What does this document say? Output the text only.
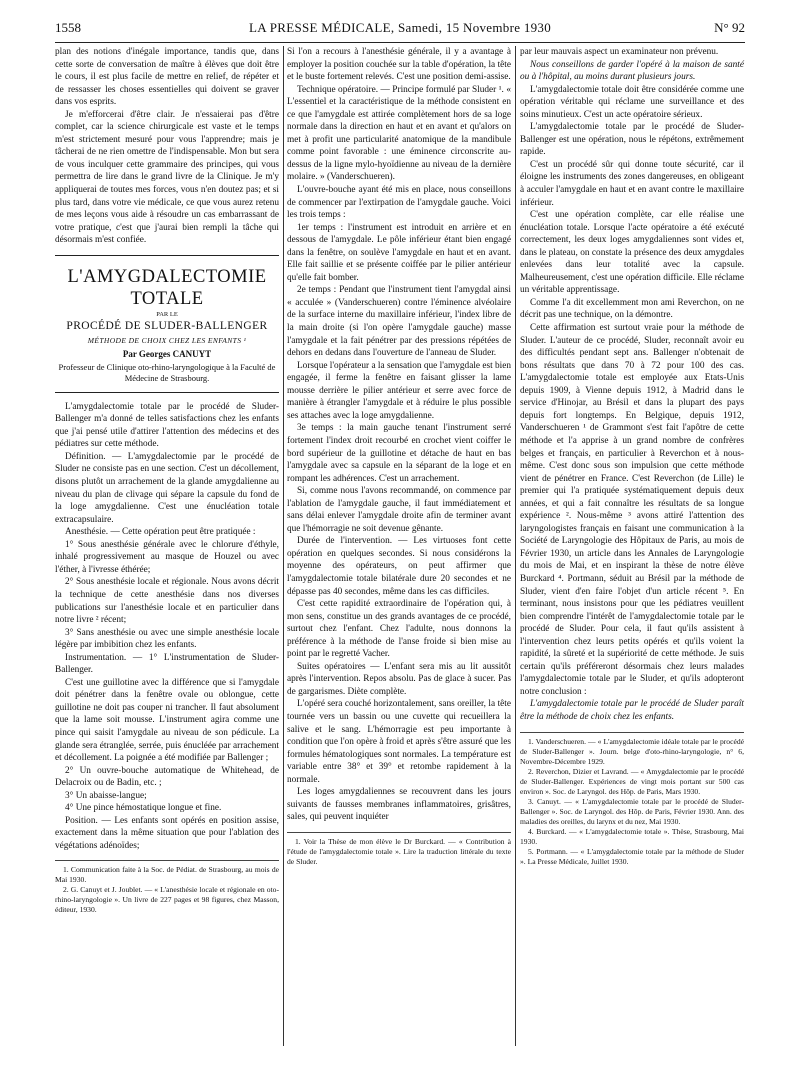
1558	LA PRESSE MÉDICALE, Samedi, 15 Novembre 1930	N° 92

plan des notions d'inégale importance, tandis que, dans cette sorte de conversation de maître à élèves que doit être le cours, il est plus facile de mettre en relief, de répéter et de ressasser les choses essentielles qui doivent se graver dans vos esprits.

Je m'efforcerai d'être clair. Je n'essaierai pas d'être complet, car la science chirurgicale est vaste et le temps m'est strictement mesuré pour vous l'apprendre; mais je tâcherai de ne rien omettre de l'indispensable. Mon but sera de vous inculquer cette grammaire des principes, qui vous permettra de lire dans le grand livre de la Clinique. Je m'y appliquerai de toutes mes forces, vous n'en doutez pas; et si plus tard, dans votre vie médicale, ce que vous aurez retenu de mes leçons vous aide à résoudre un cas embarrassant de votre pratique, c'est que j'aurai bien rempli la tâche qui désormais m'est confiée.

L'AMYGDALECTOMIE TOTALE
PAR LE
PROCÉDÉ DE SLUDER-BALLENGER
MÉTHODE DE CHOIX CHEZ LES ENFANTS ¹
Par Georges CANUYT
Professeur de Clinique oto-rhino-laryngologique à la Faculté de Médecine de Strasbourg.

L'amygdalectomie totale par le procédé de Sluder-Ballenger m'a donné de telles satisfactions chez les enfants que j'ai pensé utile d'attirer l'attention des médecins et des pédiatres sur cette méthode.

Définition. — L'amygdalectomie par le procédé de Sluder ne consiste pas en une section. C'est un décollement, disons plutôt un arrachement de la glande amygdalienne au niveau du plan de clivage qui sépare la capsule du fond de la loge amygdalienne. C'est une énucléation totale extracapsulaire.

Anesthésie. — Cette opération peut être pratiquée :

1° Sous anesthésie générale avec le chlorure d'éthyle, inhalé progressivement au masque de Houzel ou avec l'éther, à l'ivresse éthérée;

2° Sous anesthésie locale et régionale. Nous avons décrit la technique de cette anesthésie dans nos diverses publications sur l'anesthésie locale et en particulier dans notre livre ² récent;

3° Sans anesthésie ou avec une simple anesthésie locale légère par imbibition chez les enfants.

Instrumentation. — 1° L'instrumentation de Sluder-Ballenger.

C'est une guillotine avec la différence que si l'amygdale doit pénétrer dans la fenêtre ovale ou oblongue, cette guillotine ne doit pas couper ni trancher. Il faut absolument que la lame soit mousse. L'instrument agira comme une pince qui saisit l'amygdale au niveau de son pédicule. La glande sera étranglée, serrée, puis énucléée par arrachement et décollement. La poignée a été modifiée par Ballenger ;

2° Un ouvre-bouche automatique de Whitehead, de Delacroix ou de Badin, etc. ;

3° Un abaisse-langue;

4° Une pince hémostatique longue et fine.

Position. — Les enfants sont opérés en position assise, exactement dans la même situation que pour l'ablation des végétations adénoïdes;

1. Communication faite à la Soc. de Pédiat. de Strasbourg, au mois de Mai 1930.

2. G. Canuyt et J. Joublet. — « L'anesthésie locale et régionale en oto-rhino-laryngologie ». Un livre de 227 pages et 98 figures, chez Masson, éditeur, 1930.

Si l'on a recours à l'anesthésie générale, il y a avantage à employer la position couchée sur la table d'opération, la tête et le buste fortement relevés. C'est une position demi-assise.

Technique opératoire. — Principe formulé par Sluder ¹. « L'essentiel et la caractéristique de la méthode consistent en ce que l'amygdale est attirée complètement hors de sa loge normale dans la direction en haut et en avant et qu'alors on met à profit une particularité anatomique de la mandibule comme point favorable : une éminence circonscrite au-dessus de la ligne mylo-hyoïdienne au niveau de la dernière molaire. » (Vanderschueren).

L'ouvre-bouche ayant été mis en place, nous conseillons de commencer par l'extirpation de l'amygdale gauche. Voici les trois temps :

1er temps : l'instrument est introduit en arrière et en dessous de l'amygdale. Le pôle inférieur étant bien engagé dans la fenêtre, on soulève l'amygdale en haut et en avant. Elle fait saillie et se présente coiffée par le pilier antérieur qu'elle fait bomber.

2e temps : Pendant que l'instrument tient l'amygdal ainsi « acculée » (Vanderschueren) contre l'éminence alvéolaire de la surface interne du maxillaire inférieur, l'index libre de la main droite (si l'on opère l'amygdale gauche) masse l'amygdale et la fait pénétrer par des pressions répétées de dehors en dedans dans l'ouverture de l'anneau de Sluder.

Lorsque l'opérateur a la sensation que l'amygdale est bien engagée, il ferme la fenêtre en faisant glisser la lame mousse derrière le pilier antérieur et serre avec force de manière à étrangler l'amygdale et à réduire le plus possible ses attaches avec la loge amygdalienne.

3e temps : la main gauche tenant l'instrument serré fortement l'index droit recourbé en crochet vient coiffer le bord supérieur de la guillotine et détache de haut en bas l'amygdale avec sa capsule en la séparant de la loge et en rompant les adhérences. C'est un arrachement.

Si, comme nous l'avons recommandé, on commence par l'ablation de l'amygdale gauche, il faut immédiatement et sans délai enlever l'amygdale droite afin de terminer avant que l'hémorragie ne soit devenue gênante.

Durée de l'intervention. — Les virtuoses font cette opération en quelques secondes. Si nous considérons la moyenne des opérateurs, on peut affirmer que l'amygdalectomie totale bilatérale dure 20 secondes et ne dépasse pas 40 secondes, même dans les cas difficiles.

C'est cette rapidité extraordinaire de l'opération qui, à mon sens, constitue un des grands avantages de ce procédé, surtout chez l'enfant. Chez l'adulte, nous donnons la préférence à la méthode de l'anse froide si bien mise au point par le regretté Vacher.

Suites opératoires — L'enfant sera mis au lit aussitôt après l'intervention. Repos absolu. Pas de glace à sucer. Pas de gargarismes. Diète complète.

L'opéré sera couché horizontalement, sans oreiller, la tête tournée vers un bassin ou une cuvette qui recueillera la salive et le sang. L'hémorragie est peu importante à condition que l'on opère à froid et après s'être assuré que les formules hématologiques sont normales. La température est variable entre 38° et 39° et retombe rapidement à la normale.

Les loges amygdaliennes se recouvrent dans les jours suivants de fausses membranes inflammatoires, grisâtres, sales, qui peuvent inquiéter

1. Voir la Thèse de mon élève le Dr Burckard. — « Contribution à l'étude de l'amygdalectomie totale ». Lire la traduction littérale du texte de Sluder.

par leur mauvais aspect un examinateur non prévenu.

Nous conseillons de garder l'opéré à la maison de santé ou à l'hôpital, au moins durant plusieurs jours.

L'amygdalectomie totale doit être considérée comme une opération véritable qui réclame une surveillance et des soins minutieux. C'est un acte opératoire sérieux.

L'amygdalectomie totale par le procédé de Sluder-Ballenger est une opération, nous le répétons, extrêmement rapide.

C'est un procédé sûr qui donne toute sécurité, car il éloigne les instruments des zones dangereuses, en obligeant à acculer l'amygdale en haut et en avant contre le maxillaire inférieur.

C'est une opération complète, car elle réalise une énucléation totale. Lorsque l'acte opératoire a été exécuté correctement, les deux loges amygdaliennes sont vides et, dans le plateau, on constate la présence des deux amygdales enlevées dans leur totalité avec la capsule. Malheureusement, c'est une opération difficile. Elle réclame un véritable apprentissage.

Comme l'a dit excellemment mon ami Reverchon, on ne décrit pas une technique, on la démontre.

Cette affirmation est surtout vraie pour la méthode de Sluder. L'auteur de ce procédé, Sluder, reconnaît avoir eu des difficultés pendant sept ans. Ballenger n'obtenait de bons résultats que dans 70 à 72 pour 100 des cas. L'amygdalectomie totale est employée aux Etats-Unis depuis 1909, à Vienne depuis 1912, à Madrid dans le service d'Hinojar, au Brésil et dans la plupart des pays depuis fort longtemps. En Belgique, depuis 1912, Vanderschueren ¹ de Grammont s'est fait l'apôtre de cette méthode et l'a apprise à un grand nombre de confrères belges et français, en particulier à Reverchon et à nous-même. C'est donc sous son impulsion que cette méthode vient de pénétrer en France. C'est Reverchon (de Lille) le premier qui l'a pratiquée systématiquement depuis deux années, et qui a fait connaître les résultats de sa longue expérience ². Nous-même ³ avons attiré l'attention des laryngologistes français en faisant une communication à la Société de Laryngologie des Hôpitaux de Paris, au mois de Février 1930, un article dans les Annales de Laryngologie du mois de Mai, et en inspirant la thèse de notre élève Burckard ⁴. Portmann, séduit au Brésil par la méthode de Sluder, vient d'en faire l'objet d'un article récent ⁵. En terminant, nous insistons pour que les pédiatres veuillent bien comprendre l'intérêt de l'amygdalectomie totale par le procédé de Sluder. Pour cela, il faut qu'ils assistent à l'intervention chez leurs petits opérés et qu'ils voient la rapidité, la sûreté et la supériorité de cette méthode. Je suis certain qu'ils préféreront désormais chez leurs malades l'amygdalectomie totale par le Sluder, et qu'ils adopteront notre conclusion :

L'amygdalectomie totale par le procédé de Sluder paraît être la méthode de choix chez les enfants.

1. Vanderschueren. — « L'amygdalectomie idéale totale par le procédé de Sluder-Ballenger ». Journ. belge d'oto-rhino-laryngologie, n° 6, Novembre-Décembre 1929.

2. Reverchon, Dizier et Lavrand. — « Amygdalectomie par le procédé de Sluder-Ballenger. Expériences de vingt mois portant sur 500 cas environ ». Soc. de Laryngol. des Hôp. de Paris, Mars 1930.

3. Canuyt. — « L'amygdalectomie totale par le procédé de Sluder-Ballenger ». Soc. de Laryngol. des Hôp. de Paris, Février 1930. Ann. des maladies des oreilles, du larynx et du nez, Mai 1930.

4. Burckard. — « L'amygdalectomie totale ». Thèse, Strasbourg, Mai 1930.

5. Portmann. — « L'amygdalectomie totale par la méthode de Sluder ». La Presse Médicale, Juillet 1930.
